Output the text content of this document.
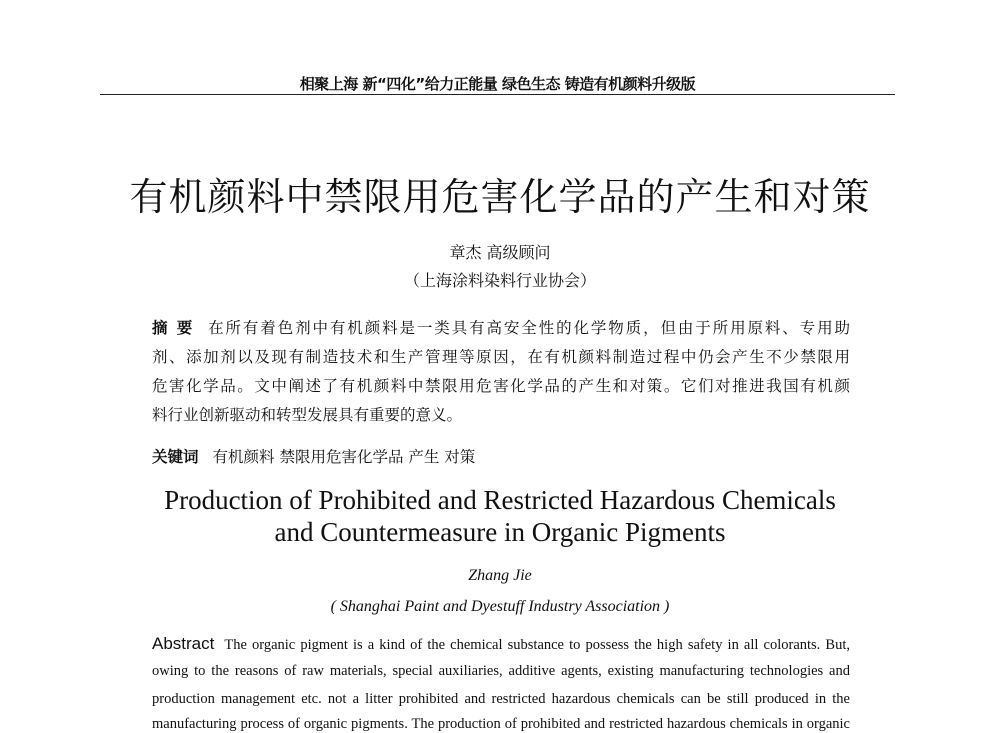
相聚上海 新“四化”给力正能量 绿色生态 铸造有机颜料升级版
有机颜料中禁限用危害化学品的产生和对策
章杰 高级顾问
（上海涂料染料行业协会）
摘 要 在所有着色剂中有机颜料是一类具有高安全性的化学物质，但由于所用原料、专用助
剂、添加剂以及现有制造技术和生产管理等原因，在有机颜料制造过程中仍会产生不少禁限用
危害化学品。文中阐述了有机颜料中禁限用危害化学品的产生和对策。它们对推进我国有机颜
料行业创新驱动和转型发展具有重要的意义。
关键词 有机颜料 禁限用危害化学品 产生 对策
Production of Prohibited and Restricted Hazardous Chemicals
and Countermeasure in Organic Pigments
Zhang Jie
( Shanghai Paint and Dyestuff Industry Association )
Abstract The organic pigment is a kind of the chemical substance to possess the high safety in all colorants. But,
owing to the reasons of raw materials, special auxiliaries, additive agents, existing manufacturing technologies and
production management etc. not a litter prohibited and restricted hazardous chemicals can be still produced in the
manufacturing process of organic pigments. The production of prohibited and restricted hazardous chemicals in organic
